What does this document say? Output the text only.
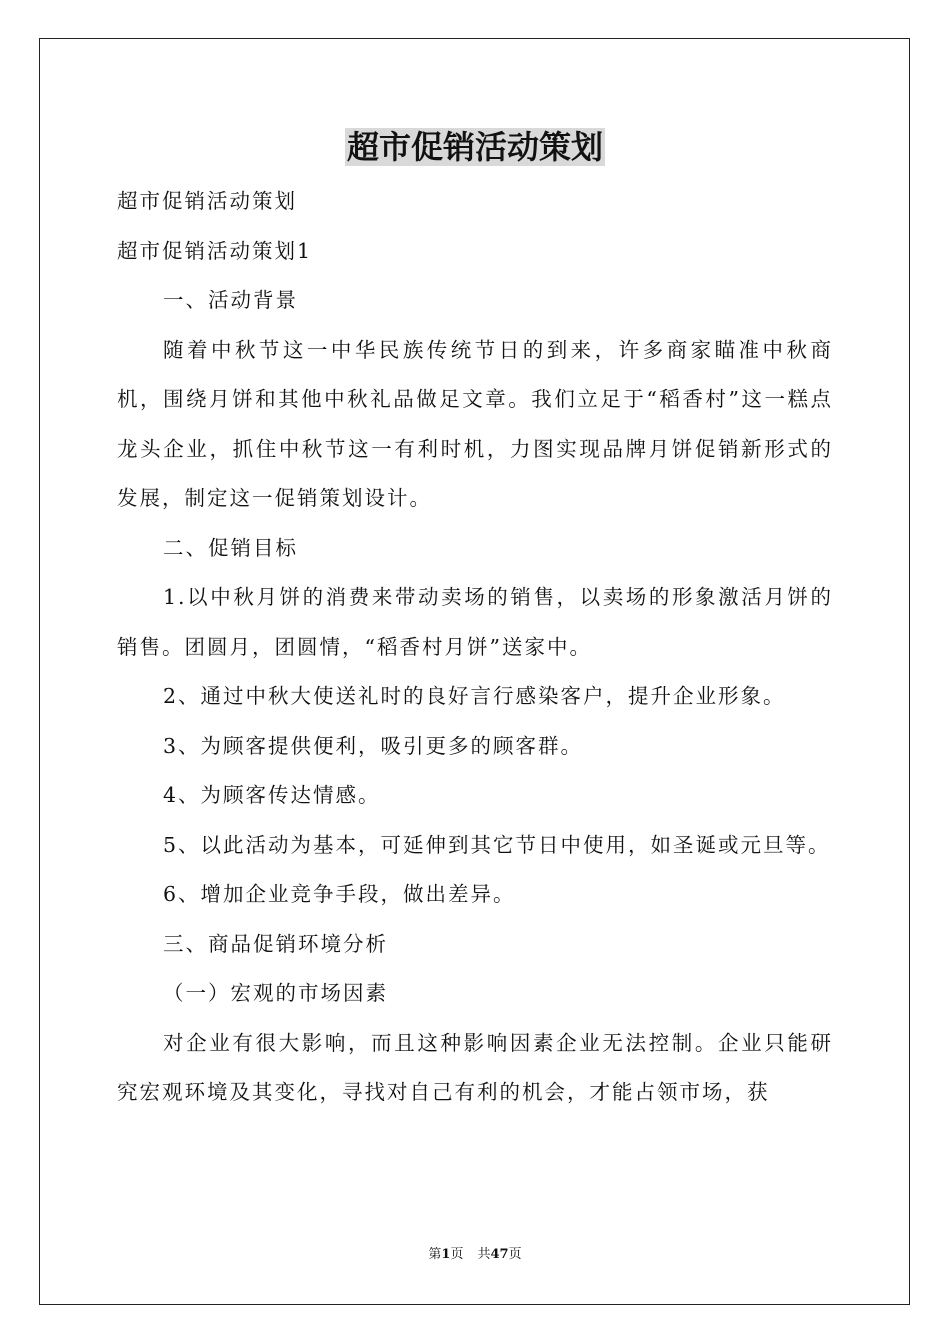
超市促销活动策划

超市促销活动策划

超市促销活动策划1

一、活动背景

随着中秋节这一中华民族传统节日的到来，许多商家瞄准中秋商机，围绕月饼和其他中秋礼品做足文章。我们立足于“稻香村”这一糕点龙头企业，抓住中秋节这一有利时机，力图实现品牌月饼促销新形式的发展，制定这一促销策划设计。

二、促销目标

1.以中秋月饼的消费来带动卖场的销售，以卖场的形象激活月饼的销售。团圆月，团圆情，“稻香村月饼”送家中。

2、通过中秋大使送礼时的良好言行感染客户，提升企业形象。

3、为顾客提供便利，吸引更多的顾客群。

4、为顾客传达情感。

5、以此活动为基本，可延伸到其它节日中使用，如圣诞或元旦等。

6、增加企业竞争手段，做出差异。

三、商品促销环境分析

（一）宏观的市场因素

对企业有很大影响，而且这种影响因素企业无法控制。企业只能研究宏观环境及其变化，寻找对自己有利的机会，才能占领市场，获

第1页 共47页
